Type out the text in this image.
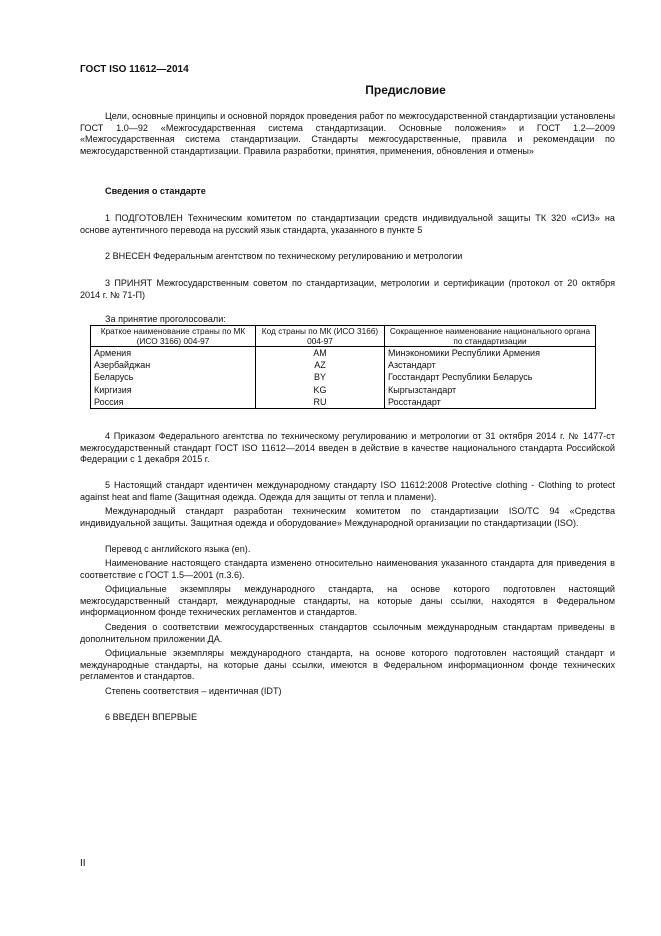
ГОСТ ISO 11612—2014
Предисловие

Цели, основные принципы и основной порядок проведения работ по межгосударственной стандартизации установлены ГОСТ 1.0—92 «Межгосударственная система стандартизации. Основные положения» и ГОСТ 1.2—2009 «Межгосударственная система стандартизации. Стандарты межгосударственные, правила и рекомендации по межгосударственной стандартизации. Правила разработки, принятия, применения, обновления и отмены»

Сведения о стандарте

1 ПОДГОТОВЛЕН Техническим комитетом по стандартизации средств индивидуальной защиты ТК 320 «СИЗ» на основе аутентичного перевода на русский язык стандарта, указанного в пункте 5

2 ВНЕСЕН Федеральным агентством по техническому регулированию и метрологии

3 ПРИНЯТ Межгосударственным советом по стандартизации, метрологии и сертификации (протокол от 20 октября 2014 г. № 71-П)

За принятие проголосовали:

Краткое наименование страны по МК (ИСО 3166) 004-97	Код страны по МК (ИСО 3166) 004-97	Сокращенное наименование национального органа по стандартизации
Армения	AM	Минэкономики Республики Армения
Азербайджан	AZ	Азстандарт
Беларусь	BY	Госстандарт Республики Беларусь
Киргизия	KG	Кыргызстандарт
Россия	RU	Росстандарт

4 Приказом Федерального агентства по техническому регулированию и метрологии от 31 октября 2014 г. № 1477-ст межгосударственный стандарт ГОСТ ISO 11612—2014 введен в действие в качестве национального стандарта Российской Федерации с 1 декабря 2015 г.

5 Настоящий стандарт идентичен международному стандарту ISO 11612:2008 Protective clothing - Clothing to protect against heat and flame (Защитная одежда. Одежда для защиты от тепла и пламени).

Международный стандарт разработан техническим комитетом по стандартизации ISO/TC 94 «Средства индивидуальной защиты. Защитная одежда и оборудование» Международной организации по стандартизации (ISO).

Перевод с английского языка (en).

Наименование настоящего стандарта изменено относительно наименования указанного стандарта для приведения в соответствие с ГОСТ 1.5—2001 (п.3.6).

Официальные экземпляры международного стандарта, на основе которого подготовлен настоящий межгосударственный стандарт, международные стандарты, на которые даны ссылки, находятся в Федеральном информационном фонде технических регламентов и стандартов.

Сведения о соответствии межгосударственных стандартов ссылочным международным стандартам приведены в дополнительном приложении ДА.

Официальные экземпляры международного стандарта, на основе которого подготовлен настоящий стандарт и международные стандарты, на которые даны ссылки, имеются в Федеральном информационном фонде технических регламентов и стандартов.

Степень соответствия – идентичная (IDT)

6 ВВЕДЕН ВПЕРВЫЕ

II
